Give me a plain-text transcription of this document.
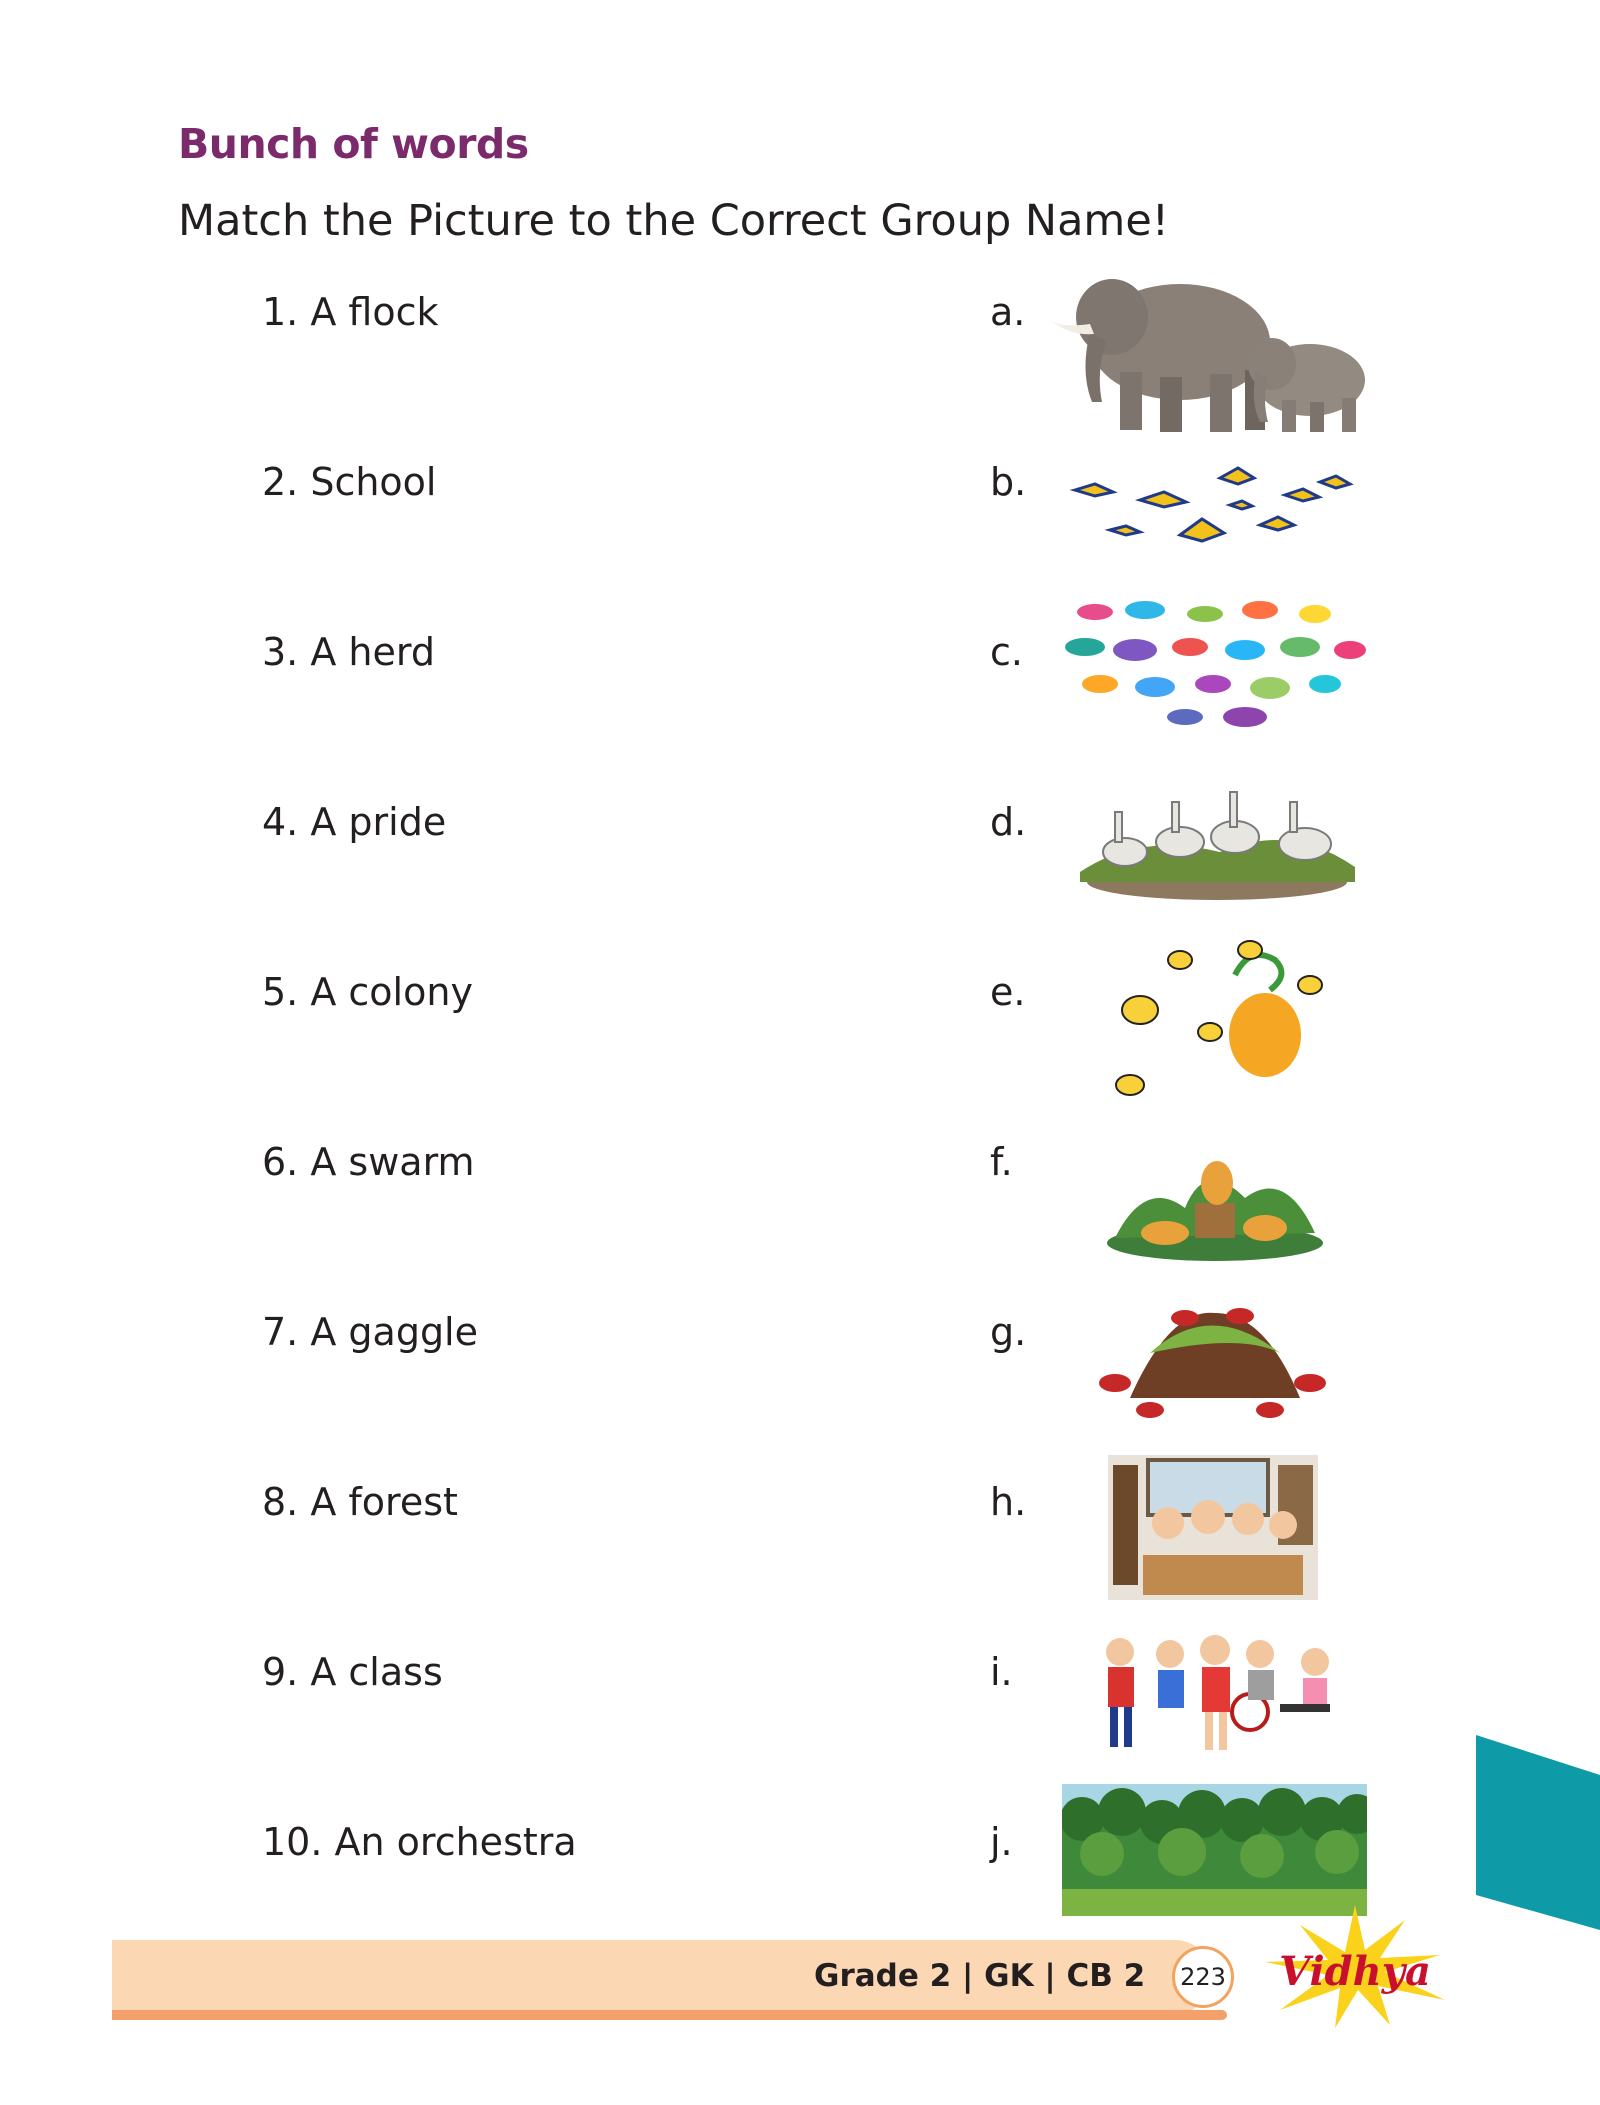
Bunch of words
Match the Picture to the Correct Group Name!
1. A flock	a.
2. School	b.
3. A herd	c.
4. A pride	d.
5. A colony	e.
6. A swarm	f.
7. A gaggle	g.
8. A forest	h.
9. A class	i.
10. An orchestra	j.
Grade 2 | GK | CB 2	223 Vidhya
